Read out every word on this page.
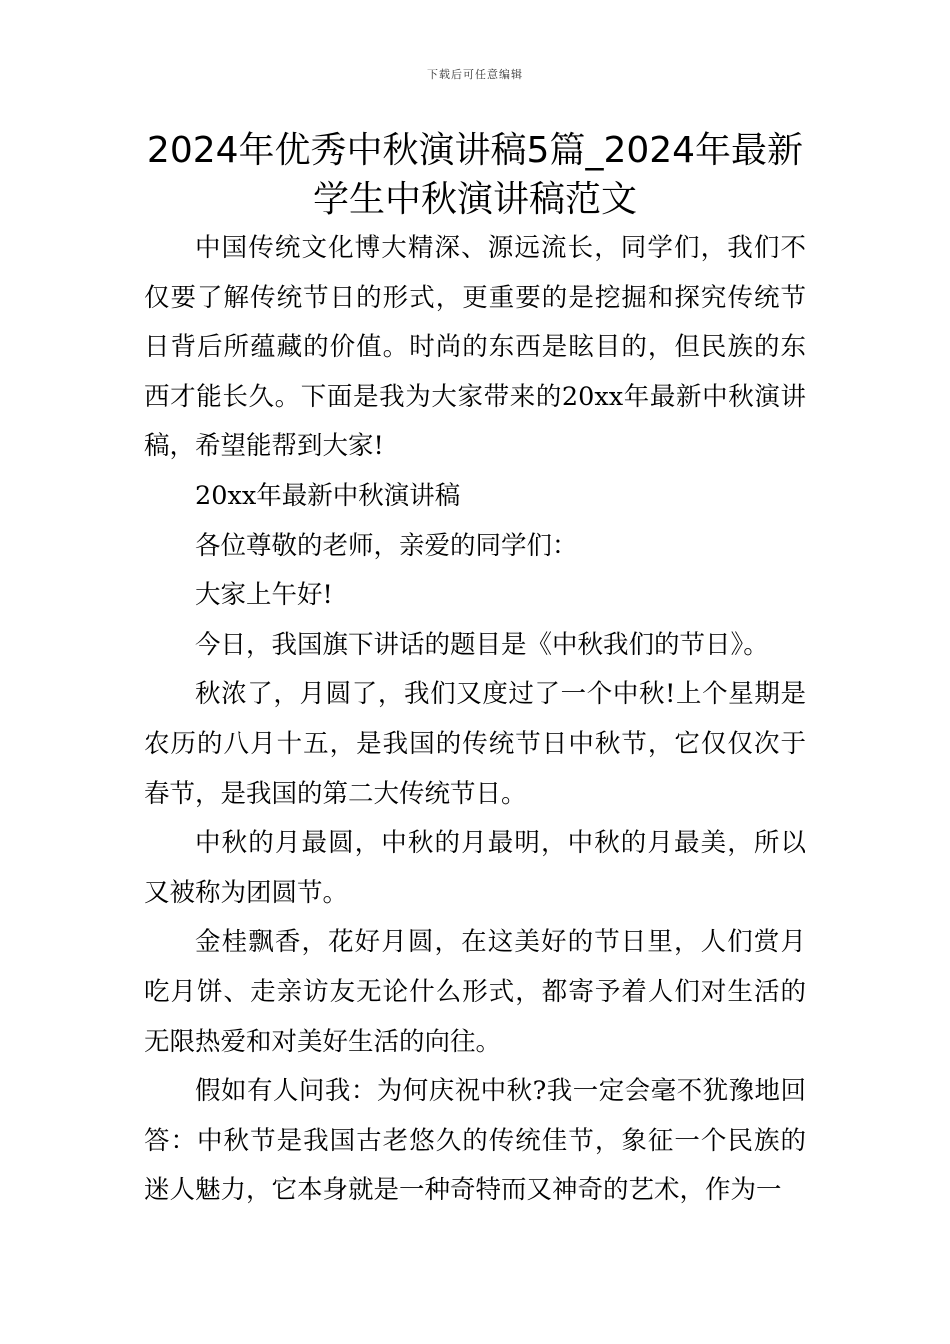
下载后可任意编辑
2024年优秀中秋演讲稿5篇_2024年最新学生中秋演讲稿范文

中国传统文化博大精深、源远流长，同学们，我们不仅要了解传统节日的形式，更重要的是挖掘和探究传统节日背后所蕴藏的价值。时尚的东西是眩目的，但民族的东西才能长久。下面是我为大家带来的20xx年最新中秋演讲稿，希望能帮到大家!

20xx年最新中秋演讲稿

各位尊敬的老师，亲爱的同学们：

大家上午好!

今日，我国旗下讲话的题目是《中秋我们的节日》。

秋浓了，月圆了，我们又度过了一个中秋!上个星期是农历的八月十五，是我国的传统节日中秋节，它仅仅次于春节，是我国的第二大传统节日。

中秋的月最圆，中秋的月最明，中秋的月最美，所以又被称为团圆节。

金桂飘香，花好月圆，在这美好的节日里，人们赏月吃月饼、走亲访友无论什么形式，都寄予着人们对生活的无限热爱和对美好生活的向往。

假如有人问我：为何庆祝中秋?我一定会毫不犹豫地回答：中秋节是我国古老悠久的传统佳节，象征一个民族的迷人魅力，它本身就是一种奇特而又神奇的艺术，作为一
